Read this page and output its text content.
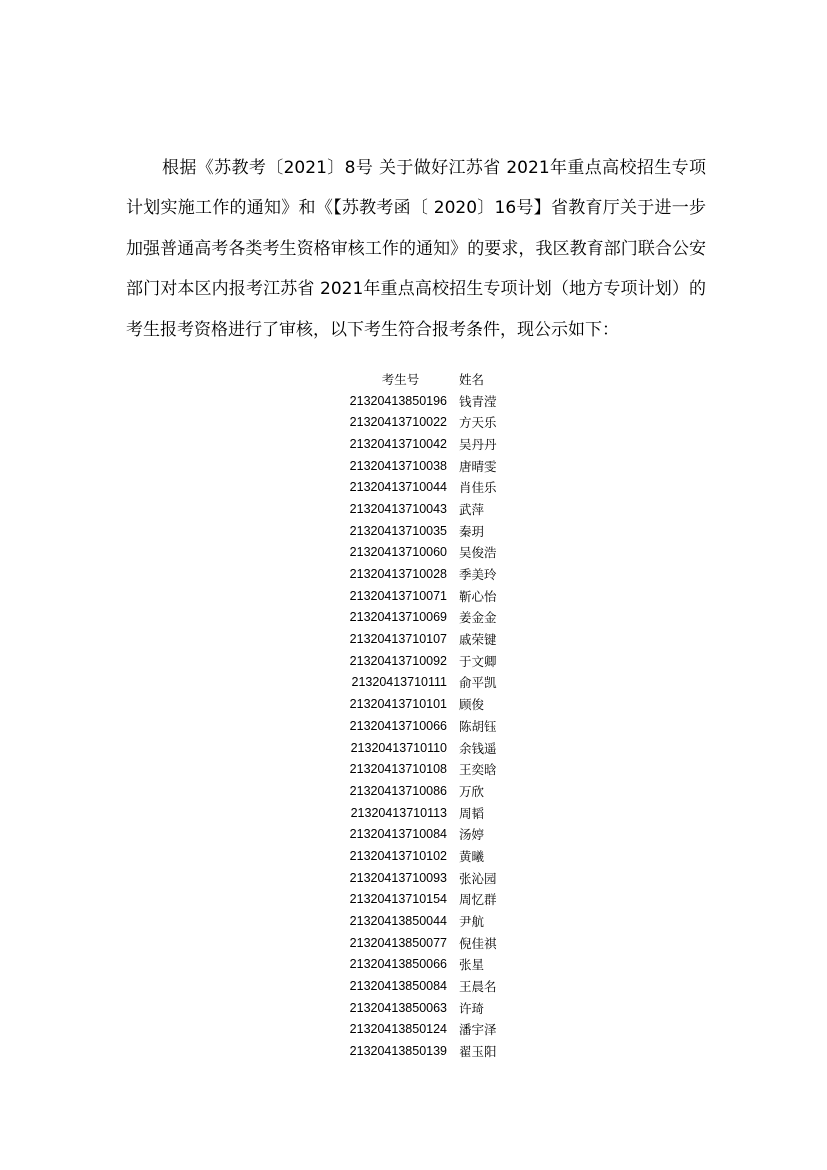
根据《苏教考〔2021〕8号 关于做好江苏省 2021年重点高校招生专项计划实施工作的通知》和《【苏教考函〔 2020〕16号】省教育厅关于进一步加强普通高考各类考生资格审核工作的通知》的要求，我区教育部门联合公安部门对本区内报考江苏省 2021年重点高校招生专项计划（地方专项计划）的考生报考资格进行了审核，以下考生符合报考条件，现公示如下：

考生号	姓名
21320413850196	钱青滢
21320413710022	方天乐
21320413710042	吴丹丹
21320413710038	唐晴雯
21320413710044	肖佳乐
21320413710043	武萍
21320413710035	秦玥
21320413710060	吴俊浩
21320413710028	季美玲
21320413710071	靳心怡
21320413710069	姜金金
21320413710107	戚荣键
21320413710092	于文卿
21320413710111	俞平凯
21320413710101	顾俊
21320413710066	陈胡钰
21320413710110	余钱遥
21320413710108	王奕晗
21320413710086	万欣
21320413710113	周韬
21320413710084	汤婷
21320413710102	黄曦
21320413710093	张沁园
21320413710154	周忆群
21320413850044	尹航
21320413850077	倪佳祺
21320413850066	张星
21320413850084	王晨名
21320413850063	许琦
21320413850124	潘宇泽
21320413850139	翟玉阳
